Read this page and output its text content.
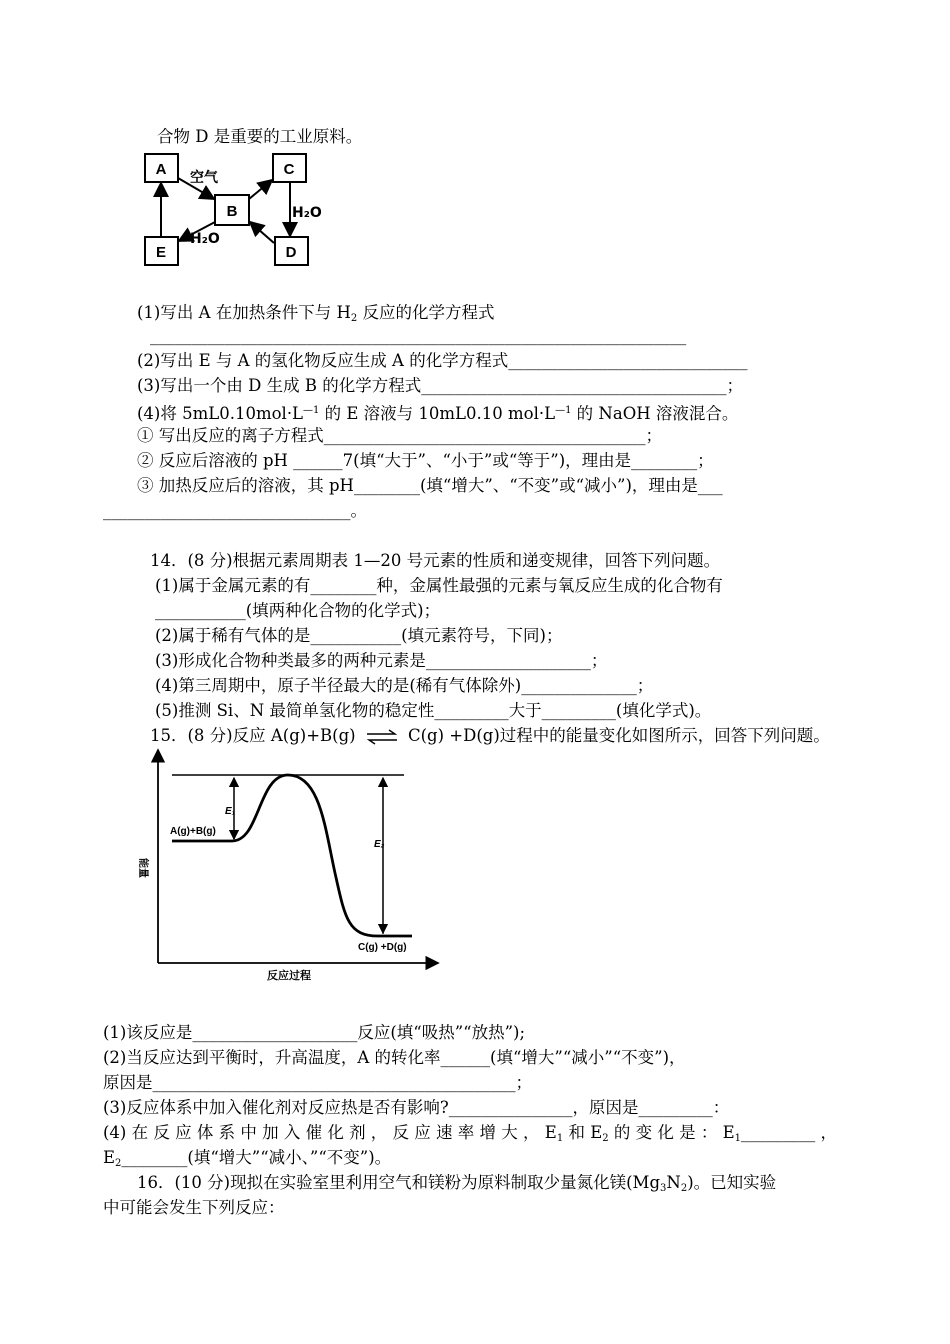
合物 D 是重要的工业原料。
A	C
B
E	D
空气
H₂O
H₂O
(1)写出 A 在加热条件下与 $H_2$ 反应的化学方程式
_________________________________________________________________
(2)写出 E 与 A 的氢化物反应生成 A 的化学方程式_____________________________
(3)写出一个由 D 生成 B 的化学方程式_____________________________________；
(4)将 $5mL0.10mol\cdot L^{—1}$ 的 E 溶液与 10mL0.10 $mol\cdot L^{—1}$ 的 NaOH 溶液混合。
① 写出反应的离子方程式_______________________________________；
② 反应后溶液的 pH ______7(填“大于”、“小于”或“等于”)，理由是________；
③ 加热反应后的溶液，其 pH________(填“增大”、“不变”或“减小”)，理由是___
______________________________。
14．(8 分)根据元素周期表 1—20 号元素的性质和递变规律，回答下列问题。
(1)属于金属元素的有________种，金属性最强的元素与氧反应生成的化合物有
___________(填两种化合物的化学式)；
(2)属于稀有气体的是___________(填元素符号，下同)；
(3)形成化合物种类最多的两种元素是____________________；
(4)第三周期中，原子半径最大的是(稀有气体除外)______________；
(5)推测 Si、N 最简单氢化物的稳定性_________大于_________(填化学式)。
15．(8 分)反应 A(g)+B(g) ⇌ C(g) +D(g)过程中的能量变化如图所示，回答下列问题。
A(g)+B(g)
C(g) +D(g)
E₁
E₂
能量
反应过程
(1)该反应是____________________反应(填“吸热”“放热”);
(2)当反应达到平衡时，升高温度，A 的转化率______(填“增大”“减小”“不变”)，
原因是____________________________________________；
(3)反应体系中加入催化剂对反应热是否有影响?_______________，原因是_________：
(4) 在 反 应 体 系 中 加 入 催 化 剂 ， 反 应 速 率 增 大 ， $E_1$ 和 $E_2$ 的 变 化 是 ： $E_1\_\_\_\_\_\_\_\_\_$ ，
$E_2\_\_\_\_\_\_\_\_$(填“增大”“减小、”“不变”)。
16．(10 分)现拟在实验室里利用空气和镁粉为原料制取少量氮化镁$(Mg_3N_2)$。已知实验
中可能会发生下列反应：
